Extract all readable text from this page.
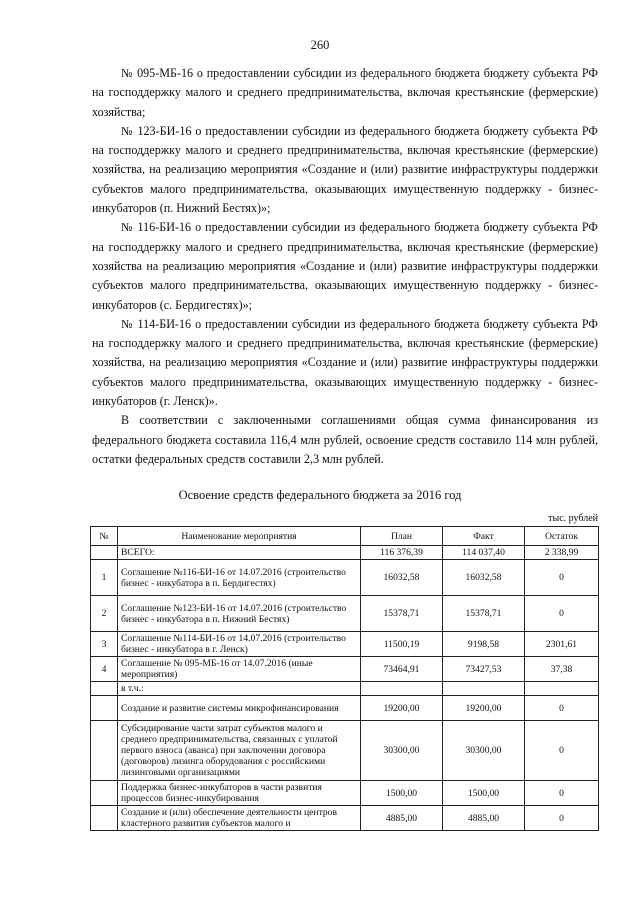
260

№ 095-МБ-16 о предоставлении субсидии из федерального бюджета бюджету субъекта РФ на господдержку малого и среднего предпринимательства, включая крестьянские (фермерские) хозяйства;

№ 123-БИ-16 о предоставлении субсидии из федерального бюджета бюджету субъекта РФ на господдержку малого и среднего предпринимательства, включая крестьянские (фермерские) хозяйства, на реализацию мероприятия «Создание и (или) развитие инфраструктуры поддержки субъектов малого предпринимательства, оказывающих имущественную поддержку - бизнес-инкубаторов (п. Нижний Бестях)»;

№ 116-БИ-16 о предоставлении субсидии из федерального бюджета бюджету субъекта РФ на господдержку малого и среднего предпринимательства, включая крестьянские (фермерские) хозяйства на реализацию мероприятия «Создание и (или) развитие инфраструктуры поддержки субъектов малого предпринимательства, оказывающих имущественную поддержку - бизнес-инкубаторов (с. Бердигестях)»;

№ 114-БИ-16 о предоставлении субсидии из федерального бюджета бюджету субъекта РФ на господдержку малого и среднего предпринимательства, включая крестьянские (фермерские) хозяйства, на реализацию мероприятия «Создание и (или) развитие инфраструктуры поддержки субъектов малого предпринимательства, оказывающих имущественную поддержку - бизнес-инкубаторов (г. Ленск)».

В соответствии с заключенными соглашениями общая сумма финансирования из федерального бюджета составила 116,4 млн рублей, освоение средств составило 114 млн рублей, остатки федеральных средств составили 2,3 млн рублей.

Освоение средств федерального бюджета за 2016 год
тыс. рублей
№	Наименование мероприятия	План	Факт	Остаток
	ВСЕГО:	116 376,39	114 037,40	2 338,99
1	Соглашение №116-БИ-16 от 14.07.2016 (строительство бизнес - инкубатора в п. Бердигестях)	16032,58	16032,58	0
2	Соглашение №123-БИ-16 от 14.07.2016 (строительство бизнес - инкубатора в п. Нижний Бестях)	15378,71	15378,71	0
3	Соглашение №114-БИ-16 от 14.07.2016 (строительство бизнес - инкубатора в г. Ленск)	11500,19	9198,58	2301,61
4	Соглашение № 095-МБ-16 от 14.07.2016 (иные мероприятия)	73464,91	73427,53	37,38
	в т.ч.:			
	Создание и развитие системы микрофинансирования	19200,00	19200,00	0
	Субсидирование части затрат субъектов малого и среднего предпринимательства, связанных с уплатой первого взноса (аванса) при заключении договора (договоров) лизинга оборудования с российскими лизинговыми организациями	30300,00	30300,00	0
	Поддержка бизнес-инкубаторов в части развития процессов бизнес-инкубирования	1500,00	1500,00	0
	Создание и (или) обеспечение деятельности центров кластерного развития субъектов малого и	4885,00	4885,00	0
